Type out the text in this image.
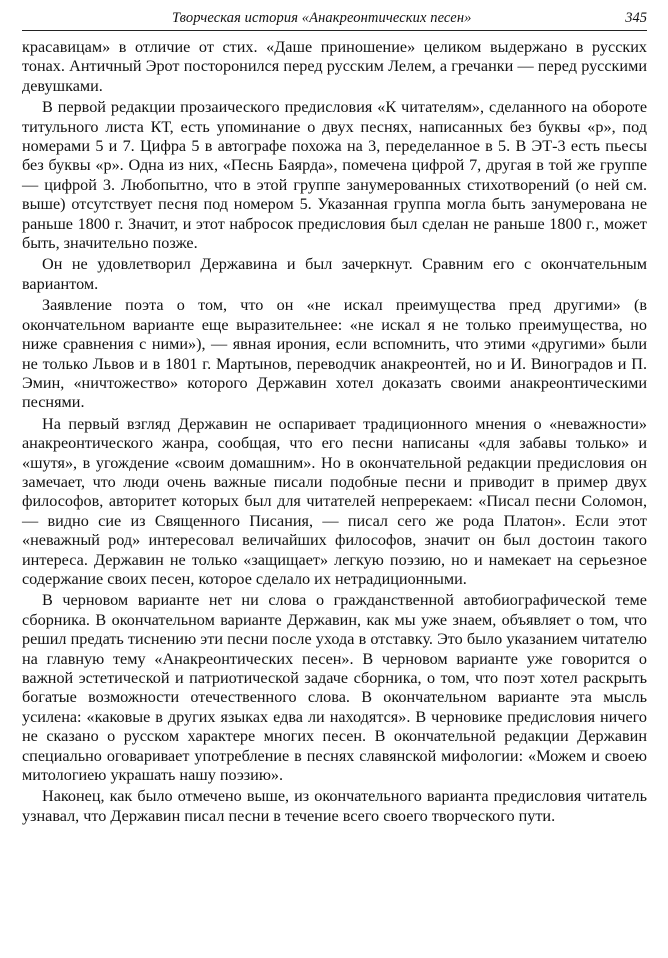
Творческая история «Анакреонтических песен»	345

красавицам» в отличие от стих. «Даше приношение» целиком выдержано в русских тонах. Античный Эрот посторонился перед русским Лелем, а гречанки — перед русскими девушками.

В первой редакции прозаического предисловия «К читателям», сделанного на обороте титульного листа КТ, есть упоминание о двух песнях, написанных без буквы «р», под номерами 5 и 7. Цифра 5 в автографе похожа на 3, переделанное в 5. В ЭТ-3 есть пьесы без буквы «р». Одна из них, «Песнь Баярда», помечена цифрой 7, другая в той же группе — цифрой 3. Любопытно, что в этой группе занумерованных стихотворений (о ней см. выше) отсутствует песня под номером 5. Указанная группа могла быть занумерована не раньше 1800 г. Значит, и этот набросок предисловия был сделан не раньше 1800 г., может быть, значительно позже.

Он не удовлетворил Державина и был зачеркнут. Сравним его с окончательным вариантом.

Заявление поэта о том, что он «не искал преимущества пред другими» (в окончательном варианте еще выразительнее: «не искал я не только преимущества, но ниже сравнения с ними»), — явная ирония, если вспомнить, что этими «другими» были не только Львов и в 1801 г. Мартынов, переводчик анакреонтей, но и И. Виноградов и П. Эмин, «ничтожество» которого Державин хотел доказать своими анакреонтическими песнями.

На первый взгляд Державин не оспаривает традиционного мнения о «неважности» анакреонтического жанра, сообщая, что его песни написаны «для забавы только» и «шутя», в угождение «своим домашним». Но в окончательной редакции предисловия он замечает, что люди очень важные писали подобные песни и приводит в пример двух философов, авторитет которых был для читателей непререкаем: «Писал песни Соломон, — видно сие из Священного Писания, — писал сего же рода Платон». Если этот «неважный род» интересовал величайших философов, значит он был достоин такого интереса. Державин не только «защищает» легкую поэзию, но и намекает на серьезное содержание своих песен, которое сделало их нетрадиционными.

В черновом варианте нет ни слова о гражданственной автобиографической теме сборника. В окончательном варианте Державин, как мы уже знаем, объявляет о том, что решил предать тиснению эти песни после ухода в отставку. Это было указанием читателю на главную тему «Анакреонтических песен». В черновом варианте уже говорится о важной эстетической и патриотической задаче сборника, о том, что поэт хотел раскрыть богатые возможности отечественного слова. В окончательном варианте эта мысль усилена: «каковые в других языках едва ли находятся». В черновике предисловия ничего не сказано о русском характере многих песен. В окончательной редакции Державин специально оговаривает употребление в песнях славянской мифологии: «Можем и своею митологиею украшать нашу поэзию».

Наконец, как было отмечено выше, из окончательного варианта предисловия читатель узнавал, что Державин писал песни в течение всего своего творческого пути.
